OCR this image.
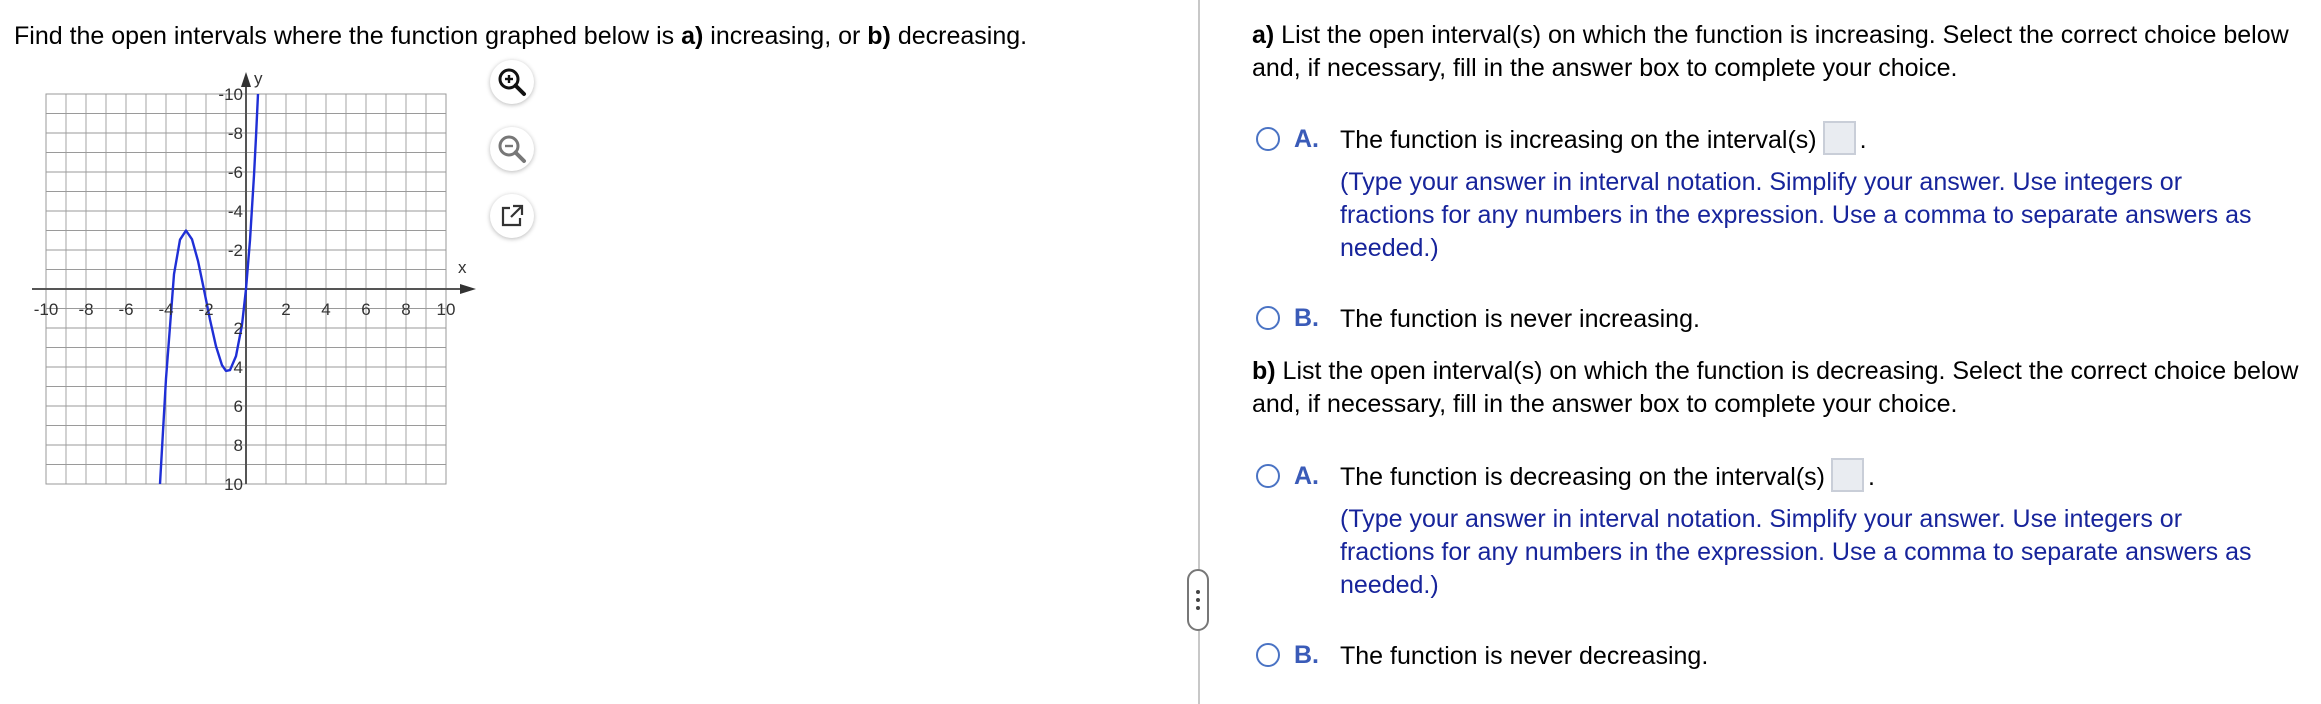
Find the open intervals where the function graphed below is a) increasing, or b) decreasing.
x
y
-10 -8 -6 -4 -2	2 4 6 8 10
10
8
6
4
2
-2
-4
-6
-8
-10
a) List the open interval(s) on which the function is increasing. Select the correct choice below and, if necessary, fill in the answer box to complete your choice.
A. The function is increasing on the interval(s) .
(Type your answer in interval notation. Simplify your answer. Use integers or fractions for any numbers in the expression. Use a comma to separate answers as needed.)
B. The function is never increasing.
b) List the open interval(s) on which the function is decreasing. Select the correct choice below and, if necessary, fill in the answer box to complete your choice.
A. The function is decreasing on the interval(s) .
(Type your answer in interval notation. Simplify your answer. Use integers or fractions for any numbers in the expression. Use a comma to separate answers as needed.)
B. The function is never decreasing.
